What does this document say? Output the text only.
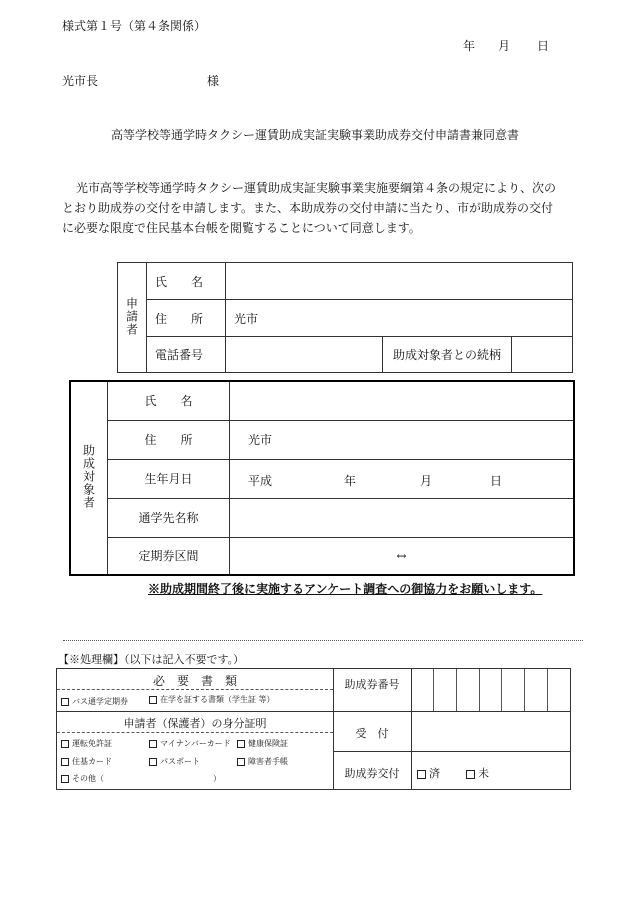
様式第１号（第４条関係）
年 月 日
光市長	様
高等学校等通学時タクシー運賃助成実証実験事業助成券交付申請書兼同意書
光市高等学校等通学時タクシー運賃助成実証実験事業実施要綱第４条の規定により、次の
とおり助成券の交付を申請します。また、本助成券の交付申請に当たり、市が助成券の交付
に必要な限度で住民基本台帳を閲覧することについて同意します。
申請者	氏　　名			
	住　　所	光市		
	電話番号		助成対象者との続柄	
助成対象者	氏　　名	
	住　　所	光市
	生年月日	平成 年 月 日

	通学先名称	
	定期券区間	↔
※助成期間終了後に実施するアンケート調査への御協力をお願いします。
【※処理欄】（以下は記入不要です。）
必　要　書　類
バス通学定期券	在学を証する書類（学生証 等）
申請者（保護者）の身分証明
運転免許証	マイナンバーカード	健康保険証
住基カード	パスポート	障害者手帳
その他（	）
助成券番号
受　付
助成券交付	済	未
